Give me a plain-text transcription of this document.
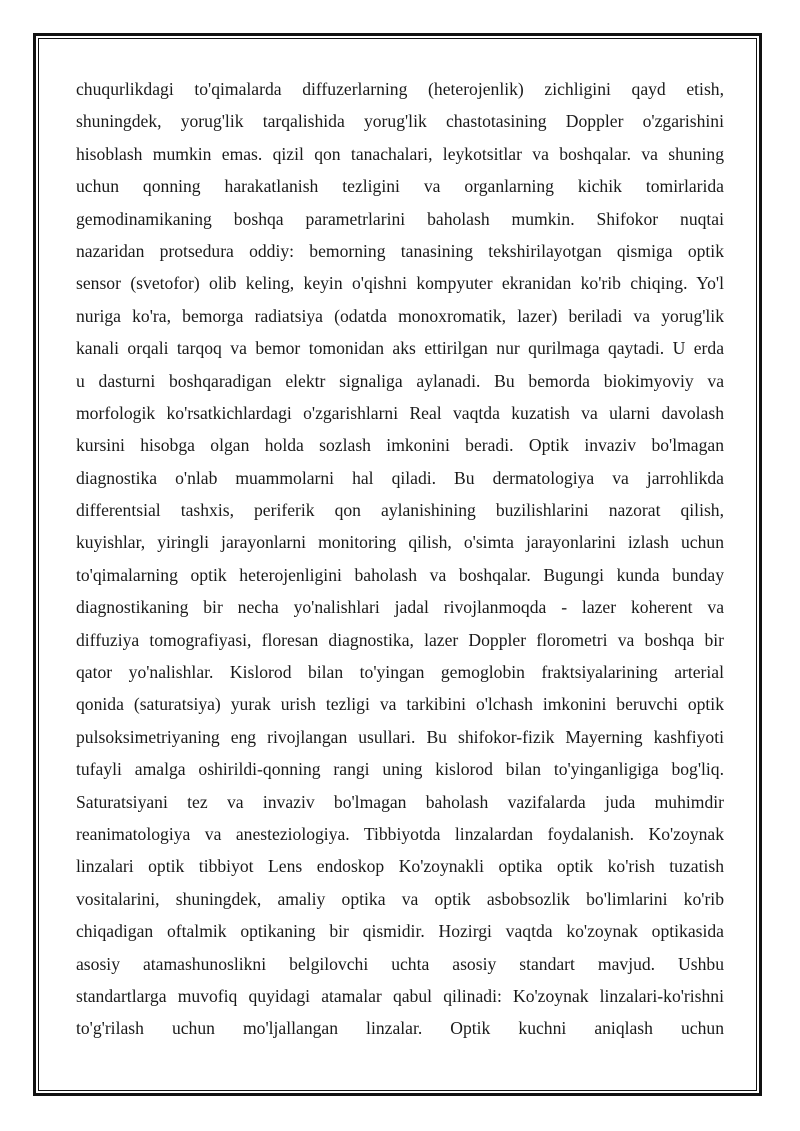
chuqurlikdagi to'qimalarda diffuzerlarning (heterojenlik) zichligini qayd etish,
shuningdek, yorug'lik tarqalishida yorug'lik chastotasining Doppler o'zgarishini
hisoblash mumkin emas. qizil qon tanachalari, leykotsitlar va boshqalar. va shuning
uchun qonning harakatlanish tezligini va organlarning kichik tomirlarida
gemodinamikaning boshqa parametrlarini baholash mumkin. Shifokor nuqtai
nazaridan protsedura oddiy: bemorning tanasining tekshirilayotgan qismiga optik
sensor (svetofor) olib keling, keyin o'qishni kompyuter ekranidan ko'rib chiqing. Yo'l
nuriga ko'ra, bemorga radiatsiya (odatda monoxromatik, lazer) beriladi va yorug'lik
kanali orqali tarqoq va bemor tomonidan aks ettirilgan nur qurilmaga qaytadi. U erda
u dasturni boshqaradigan elektr signaliga aylanadi. Bu bemorda biokimyoviy va
morfologik ko'rsatkichlardagi o'zgarishlarni Real vaqtda kuzatish va ularni davolash
kursini hisobga olgan holda sozlash imkonini beradi. Optik invaziv bo'lmagan
diagnostika o'nlab muammolarni hal qiladi. Bu dermatologiya va jarrohlikda
differentsial tashxis, periferik qon aylanishining buzilishlarini nazorat qilish,
kuyishlar, yiringli jarayonlarni monitoring qilish, o'simta jarayonlarini izlash uchun
to'qimalarning optik heterojenligini baholash va boshqalar. Bugungi kunda bunday
diagnostikaning bir necha yo'nalishlari jadal rivojlanmoqda - lazer koherent va
diffuziya tomografiyasi, floresan diagnostika, lazer Doppler florometri va boshqa bir
qator yo'nalishlar. Kislorod bilan to'yingan gemoglobin fraktsiyalarining arterial
qonida (saturatsiya) yurak urish tezligi va tarkibini o'lchash imkonini beruvchi optik
pulsoksimetriyaning eng rivojlangan usullari. Bu shifokor-fizik Mayerning kashfiyoti
tufayli amalga oshirildi-qonning rangi uning kislorod bilan to'yinganligiga bog'liq.
Saturatsiyani tez va invaziv bo'lmagan baholash vazifalarda juda muhimdir
reanimatologiya va anesteziologiya. Tibbiyotda linzalardan foydalanish. Ko'zoynak
linzalari optik tibbiyot Lens endoskop Ko'zoynakli optika optik ko'rish tuzatish
vositalarini, shuningdek, amaliy optika va optik asbobsozlik bo'limlarini ko'rib
chiqadigan oftalmik optikaning bir qismidir. Hozirgi vaqtda ko'zoynak optikasida
asosiy atamashunoslikni belgilovchi uchta asosiy standart mavjud. Ushbu
standartlarga muvofiq quyidagi atamalar qabul qilinadi: Ko'zoynak linzalari-ko'rishni
to'g'rilash uchun mo'ljallangan linzalar. Optik kuchni aniqlash uchun
